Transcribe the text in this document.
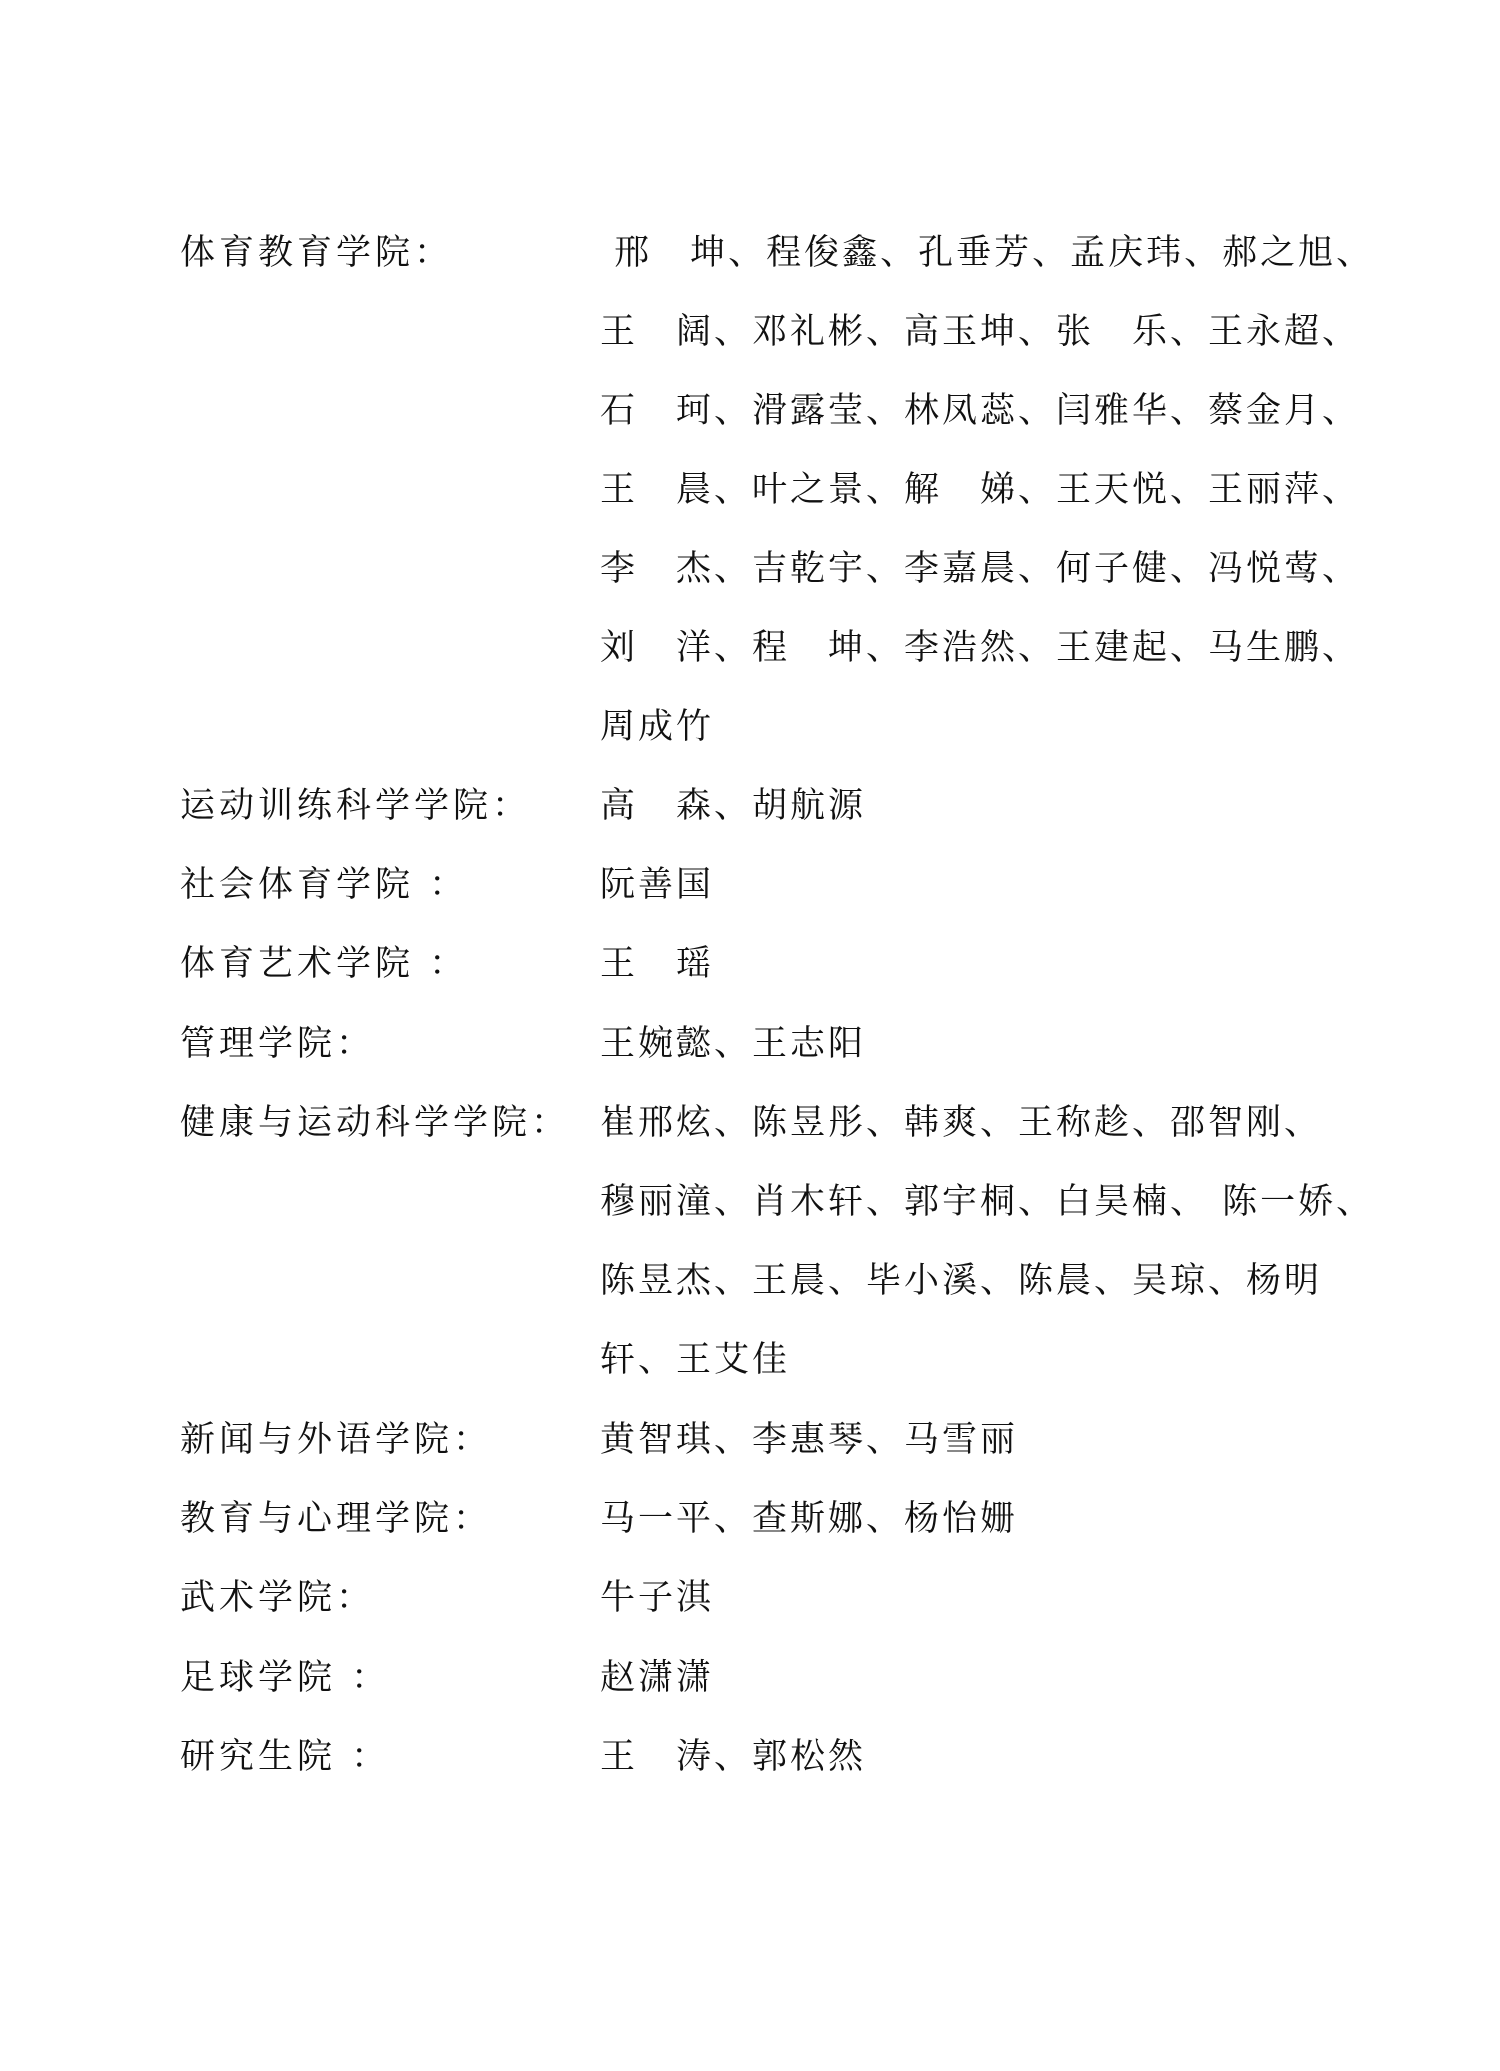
体育教育学院：	邢　坤、程俊鑫、孔垂芳、孟庆玮、郝之旭、
王　阔、邓礼彬、高玉坤、张　乐、王永超、
石　珂、滑露莹、林凤蕊、闫雅华、蔡金月、
王　晨、叶之景、解　娣、王天悦、王丽萍、
李　杰、吉乾宇、李嘉晨、何子健、冯悦莺、
刘　洋、程　坤、李浩然、王建起、马生鹏、
周成竹
运动训练科学学院： 高　森、胡航源
社会体育学院 ：	阮善国
体育艺术学院 ：	王　瑶
管理学院：	王婉懿、王志阳
健康与运动科学学院： 崔邢炫、陈昱彤、韩爽、王称趁、邵智刚、
穆丽潼、肖木轩、郭宇桐、白昊楠、 陈一娇、
陈昱杰、王晨、毕小溪、陈晨、吴琼、杨明
轩、王艾佳
新闻与外语学院：	黄智琪、李惠琴、马雪丽
教育与心理学院：	马一平、查斯娜、杨怡姗
武术学院：	牛子淇
足球学院 ：	赵潇潇
研究生院 ：	王　涛、郭松然
